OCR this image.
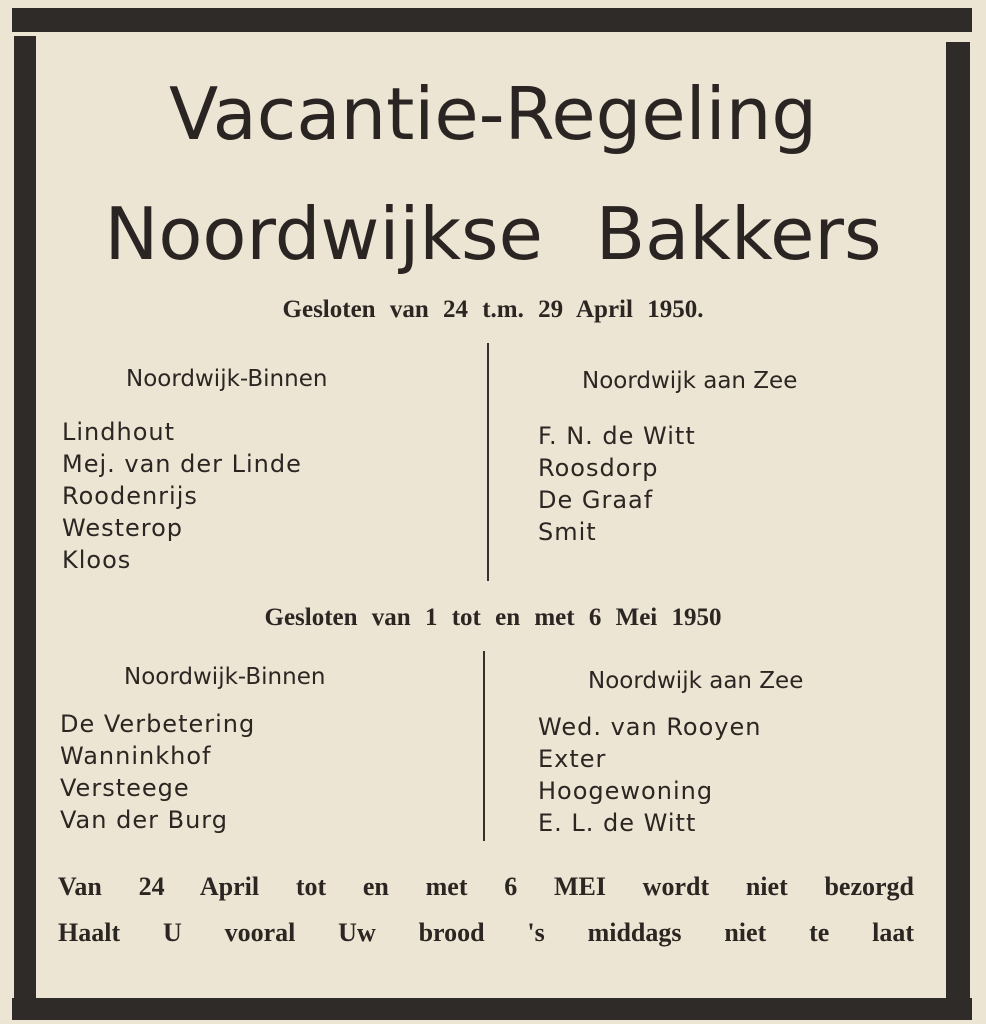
Vacantie-Regeling
Noordwijkse Bakkers
Gesloten van 24 t.m. 29 April 1950.
Noordwijk-Binnen	Noordwijk aan Zee
Lindhout
Mej. van der Linde
Roodenrijs
Westerop
Kloos
F. N. de Witt
Roosdorp
De Graaf
Smit
Gesloten van 1 tot en met 6 Mei 1950
Noordwijk-Binnen	Noordwijk aan Zee
De Verbetering
Wanninkhof
Versteege
Van der Burg
Wed. van Rooyen
Exter
Hoogewoning
E. L. de Witt
Van 24 April tot en met 6 MEI wordt niet bezorgd
Haalt U vooral Uw brood 's middags niet te laat
